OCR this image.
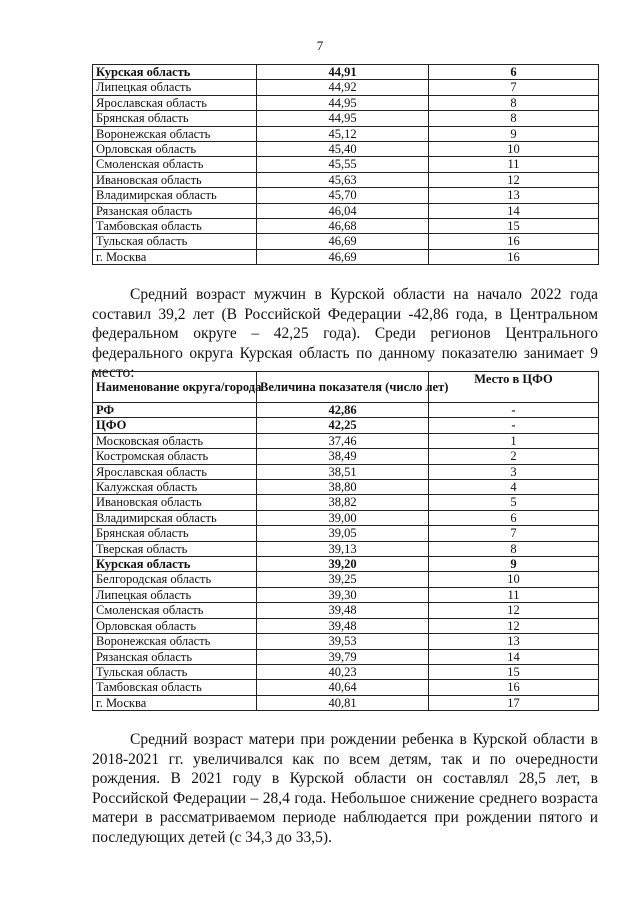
7
Курская область	44,91	6
Липецкая область	44,92	7
Ярославская область	44,95	8
Брянская область	44,95	8
Воронежская область	45,12	9
Орловская область	45,40	10
Смоленская область	45,55	11
Ивановская область	45,63	12
Владимирская область	45,70	13
Рязанская область	46,04	14
Тамбовская область	46,68	15
Тульская область	46,69	16
г. Москва	46,69	16

Средний возраст мужчин в Курской области на начало 2022 года составил 39,2 лет (В Российской Федерации -42,86 года, в Центральном федеральном округе – 42,25 года). Среди регионов Центрального федерального округа Курская область по данному показателю занимает 9 место:

Наименование округа/города	Величина показателя (число лет)	Место в ЦФО
РФ	42,86	-
ЦФО	42,25	-
Московская область	37,46	1
Костромская область	38,49	2
Ярославская область	38,51	3
Калужская область	38,80	4
Ивановская область	38,82	5
Владимирская область	39,00	6
Брянская область	39,05	7
Тверская область	39,13	8
Курская область	39,20	9
Белгородская область	39,25	10
Липецкая область	39,30	11
Смоленская область	39,48	12
Орловская область	39,48	12
Воронежская область	39,53	13
Рязанская область	39,79	14
Тульская область	40,23	15
Тамбовская область	40,64	16
г. Москва	40,81	17

Средний возраст матери при рождении ребенка в Курской области в 2018-2021 гг. увеличивался как по всем детям, так и по очередности рождения. В 2021 году в Курской области он составлял 28,5 лет, в Российской Федерации – 28,4 года. Небольшое снижение среднего возраста матери в рассматриваемом периоде наблюдается при рождении пятого и последующих детей (с 34,3 до 33,5).
